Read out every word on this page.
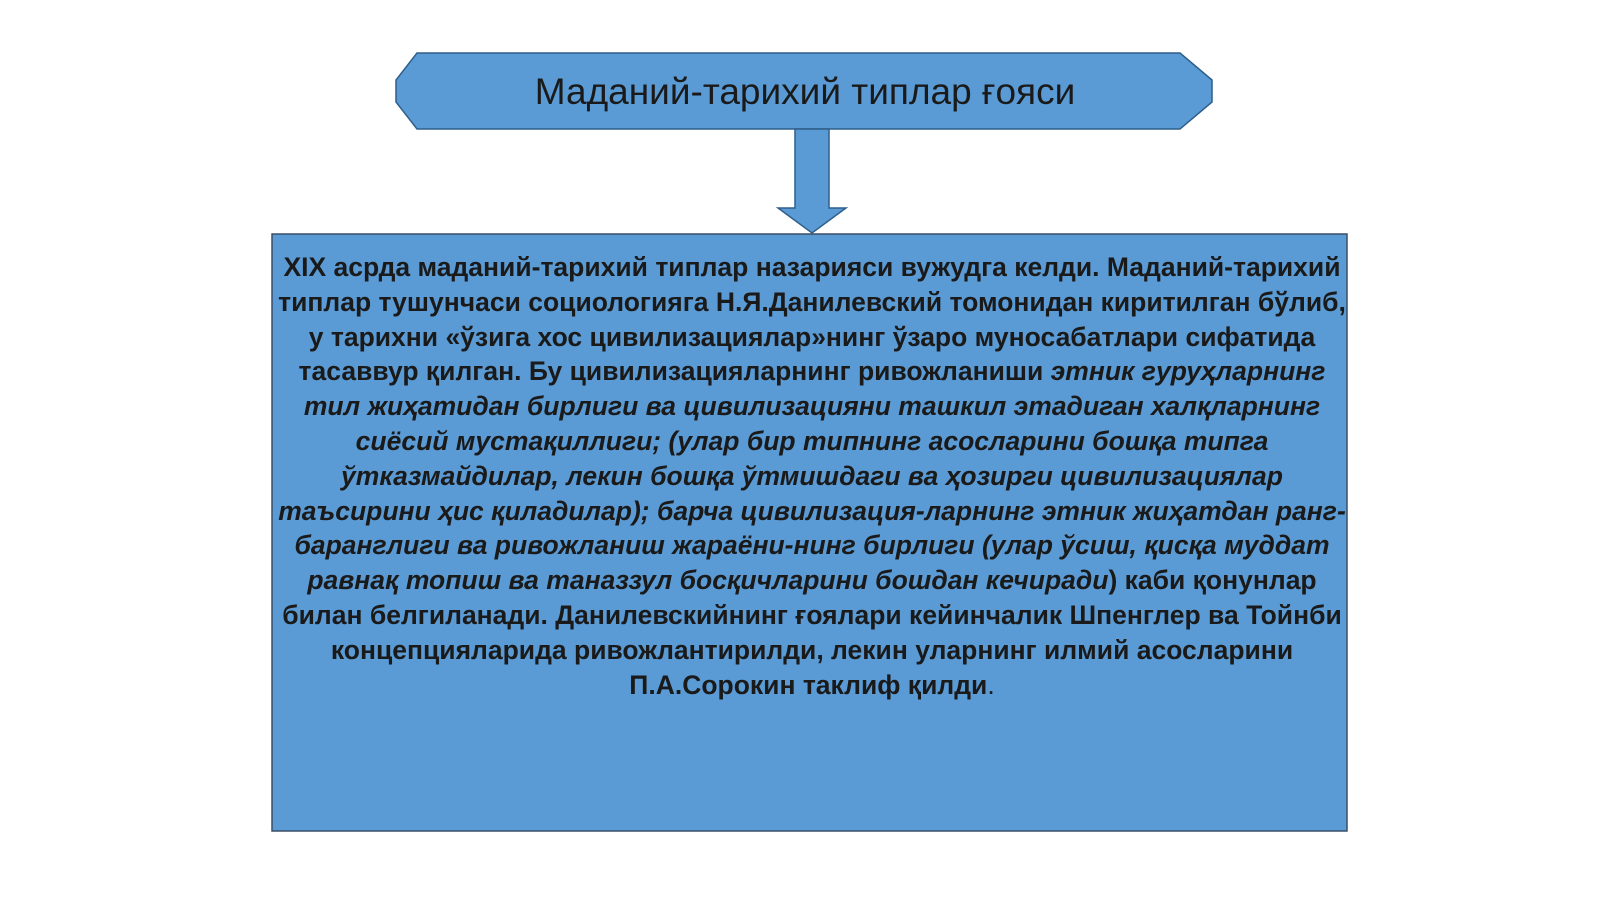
Маданий-тарихий типлар ғояси
XIX асрда маданий-тарихий типлар назарияси вужудга келди. Маданий-тарихий типлар тушунчаси социологияга Н.Я.Данилевский томонидан киритилган бўлиб, у тарихни «ўзига хос цивилизациялар»нинг ўзаро муносабатлари сифатида тасаввур қилган. Бу цивилизацияларнинг ривожланиши этник гуруҳларнинг тил жиҳатидан бирлиги ва цивилизацияни ташкил этадиган халқларнинг сиёсий мустақиллиги; (улар бир типнинг асосларини бошқа типга ўтказмайдилар, лекин бошқа ўтмишдаги ва ҳозирги цивилизациялар таъсирини ҳис қиладилар); барча цивилизация-ларнинг этник жиҳатдан ранг-баранглиги ва ривожланиш жараёни-нинг бирлиги (улар ўсиш, қисқа муддат равнақ топиш ва таназзул босқичларини бошдан кечиради) каби қонунлар билан белгиланади. Данилевскийнинг ғоялари кейинчалик Шпенглер ва Тойнби концепцияларида ривожлантирилди, лекин уларнинг илмий асосларини П.А.Сорокин таклиф қилди.
